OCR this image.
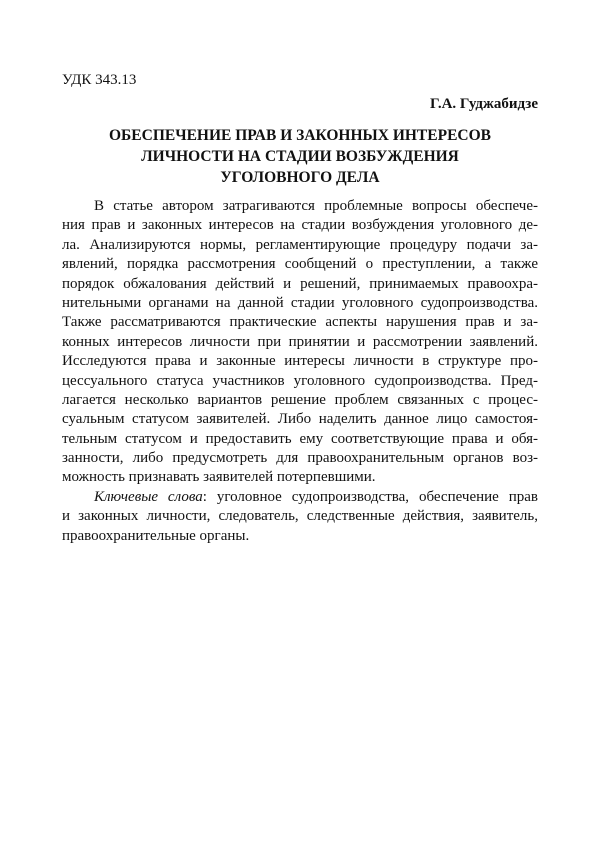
УДК 343.13
Г.А. Гуджабидзе
ОБЕСПЕЧЕНИЕ ПРАВ И ЗАКОННЫХ ИНТЕРЕСОВ
ЛИЧНОСТИ НА СТАДИИ ВОЗБУЖДЕНИЯ
УГОЛОВНОГО ДЕЛА
В статье автором затрагиваются проблемные вопросы обеспече-
ния прав и законных интересов на стадии возбуждения уголовного де-
ла. Анализируются нормы, регламентирующие процедуру подачи за-
явлений, порядка рассмотрения сообщений о преступлении, а также
порядок обжалования действий и решений, принимаемых правоохра-
нительными органами на данной стадии уголовного судопроизводства.
Также рассматриваются практические аспекты нарушения прав и за-
конных интересов личности при принятии и рассмотрении заявлений.
Исследуются права и законные интересы личности в структуре про-
цессуального статуса участников уголовного судопроизводства. Пред-
лагается несколько вариантов решение проблем связанных с процес-
суальным статусом заявителей. Либо наделить данное лицо самостоя-
тельным статусом и предоставить ему соответствующие права и обя-
занности, либо предусмотреть для правоохранительным органов воз-
можность признавать заявителей потерпевшими.
Ключевые слова: уголовное судопроизводства, обеспечение прав
и законных личности, следователь, следственные действия, заявитель,
правоохранительные органы.
